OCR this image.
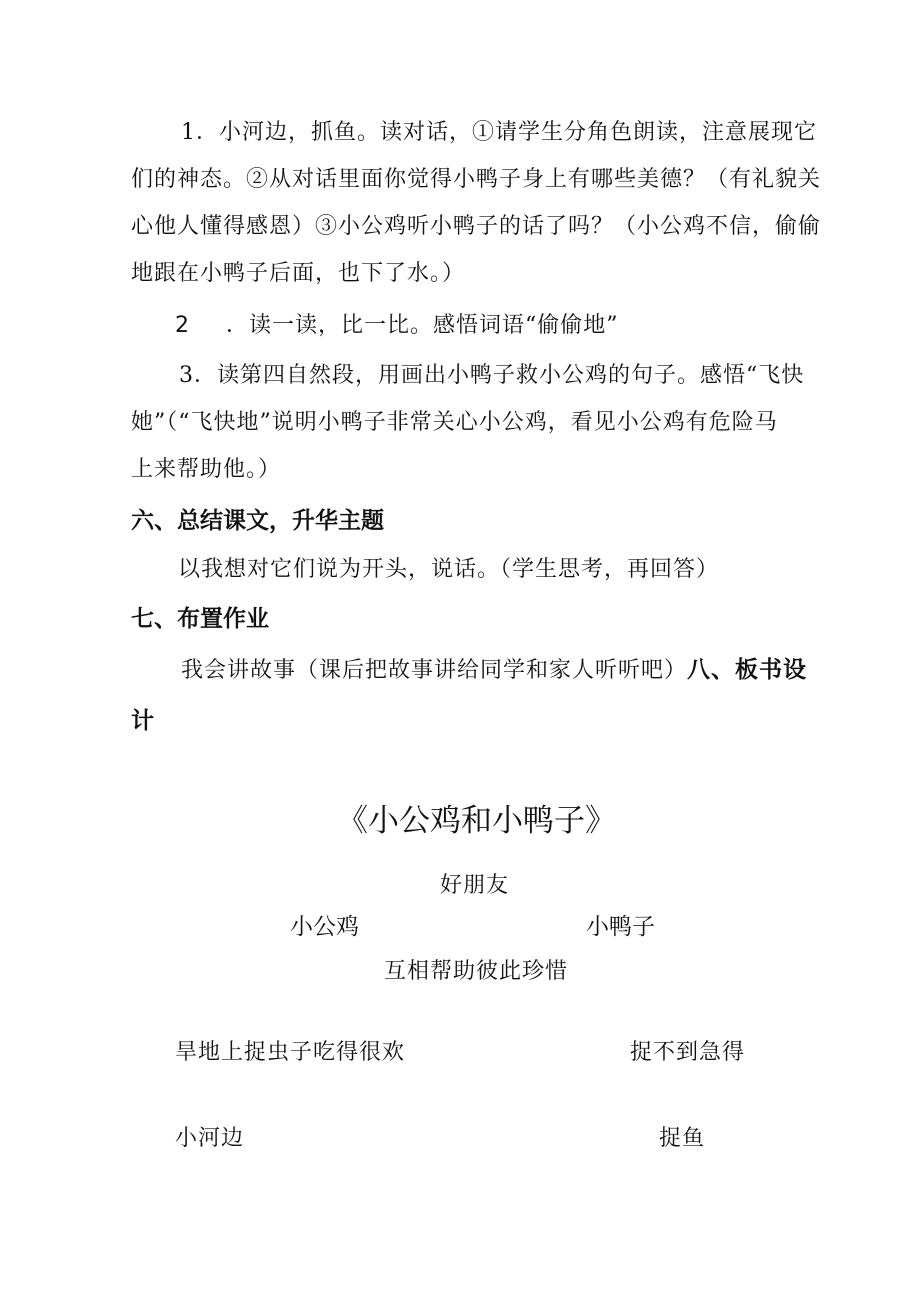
1．小河边，抓鱼。读对话，①请学生分角色朗读，注意展现它
们的神态。②从对话里面你觉得小鸭子身上有哪些美德？（有礼貌关
心他人懂得感恩）③小公鸡听小鸭子的话了吗？（小公鸡不信，偷偷
地跟在小鸭子后面，也下了水。）
2 ．读一读，比一比。感悟词语“偷偷地”
3．读第四自然段，用画出小鸭子救小公鸡的句子。感悟“飞快
她”（“飞快地”说明小鸭子非常关心小公鸡，看见小公鸡有危险马
上来帮助他。）
六、总结课文，升华主题
以我想对它们说为开头，说话。（学生思考，再回答）
七、布置作业
我会讲故事（课后把故事讲给同学和家人听听吧）八、板书设
计
《小公鸡和小鸭子》
好朋友
小公鸡	小鸭子
互相帮助彼此珍惜
旱地上捉虫子吃得很欢	捉不到急得
小河边	捉鱼
